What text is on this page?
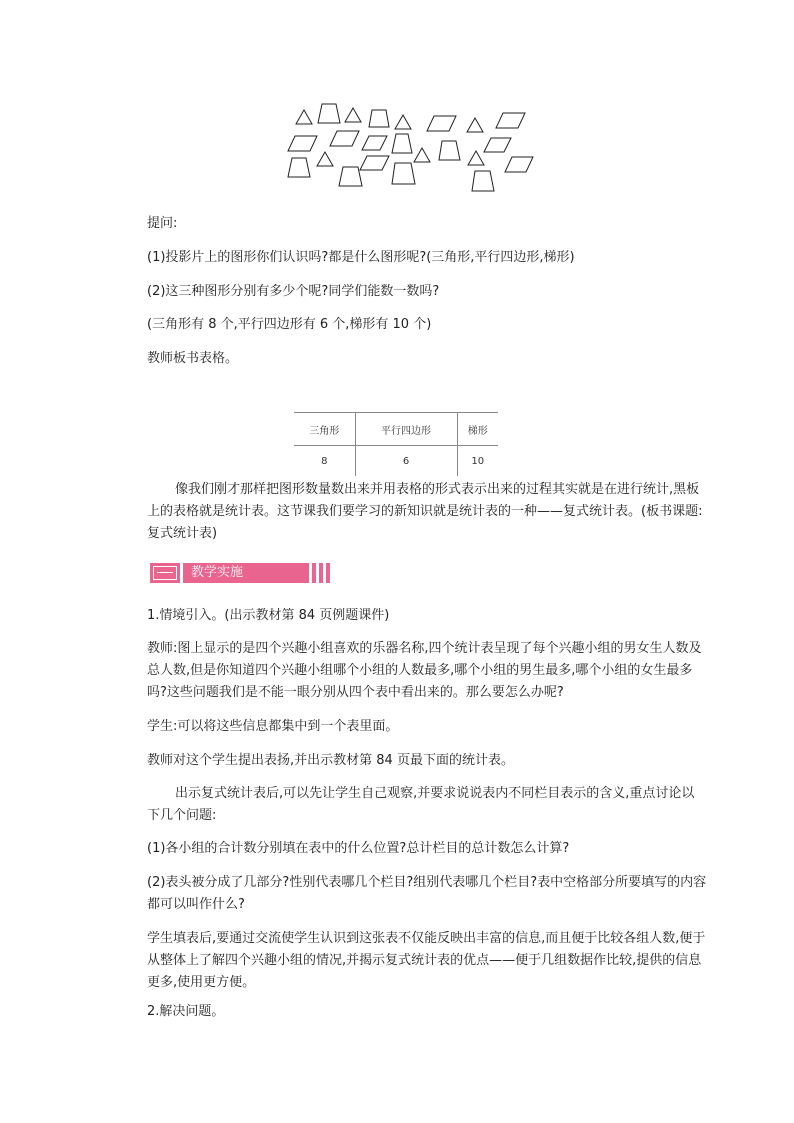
提问:
(1)投影片上的图形你们认识吗?都是什么图形呢?(三角形,平行四边形,梯形)
(2)这三种图形分别有多少个呢?同学们能数一数吗?
(三角形有 8 个,平行四边形有 6 个,梯形有 10 个)
教师板书表格。
三角形	平行四边形	梯形
8	6	10
像我们刚才那样把图形数量数出来并用表格的形式表示出来的过程其实就是在进行统计,黑板上的表格就是统计表。这节课我们要学习的新知识就是统计表的一种——复式统计表。(板书课题:复式统计表)
教学实施
1.情境引入。(出示教材第 84 页例题课件)
教师:图上显示的是四个兴趣小组喜欢的乐器名称,四个统计表呈现了每个兴趣小组的男女生人数及总人数,但是你知道四个兴趣小组哪个小组的人数最多,哪个小组的男生最多,哪个小组的女生最多吗?这些问题我们是不能一眼分别从四个表中看出来的。那么要怎么办呢?
学生:可以将这些信息都集中到一个表里面。
教师对这个学生提出表扬,并出示教材第 84 页最下面的统计表。
出示复式统计表后,可以先让学生自己观察,并要求说说表内不同栏目表示的含义,重点讨论以下几个问题:
(1)各小组的合计数分别填在表中的什么位置?总计栏目的总计数怎么计算?
(2)表头被分成了几部分?性别代表哪几个栏目?组别代表哪几个栏目?表中空格部分所要填写的内容都可以叫作什么?
学生填表后,要通过交流使学生认识到这张表不仅能反映出丰富的信息,而且便于比较各组人数,便于从整体上了解四个兴趣小组的情况,并揭示复式统计表的优点——便于几组数据作比较,提供的信息更多,使用更方便。
2.解决问题。
